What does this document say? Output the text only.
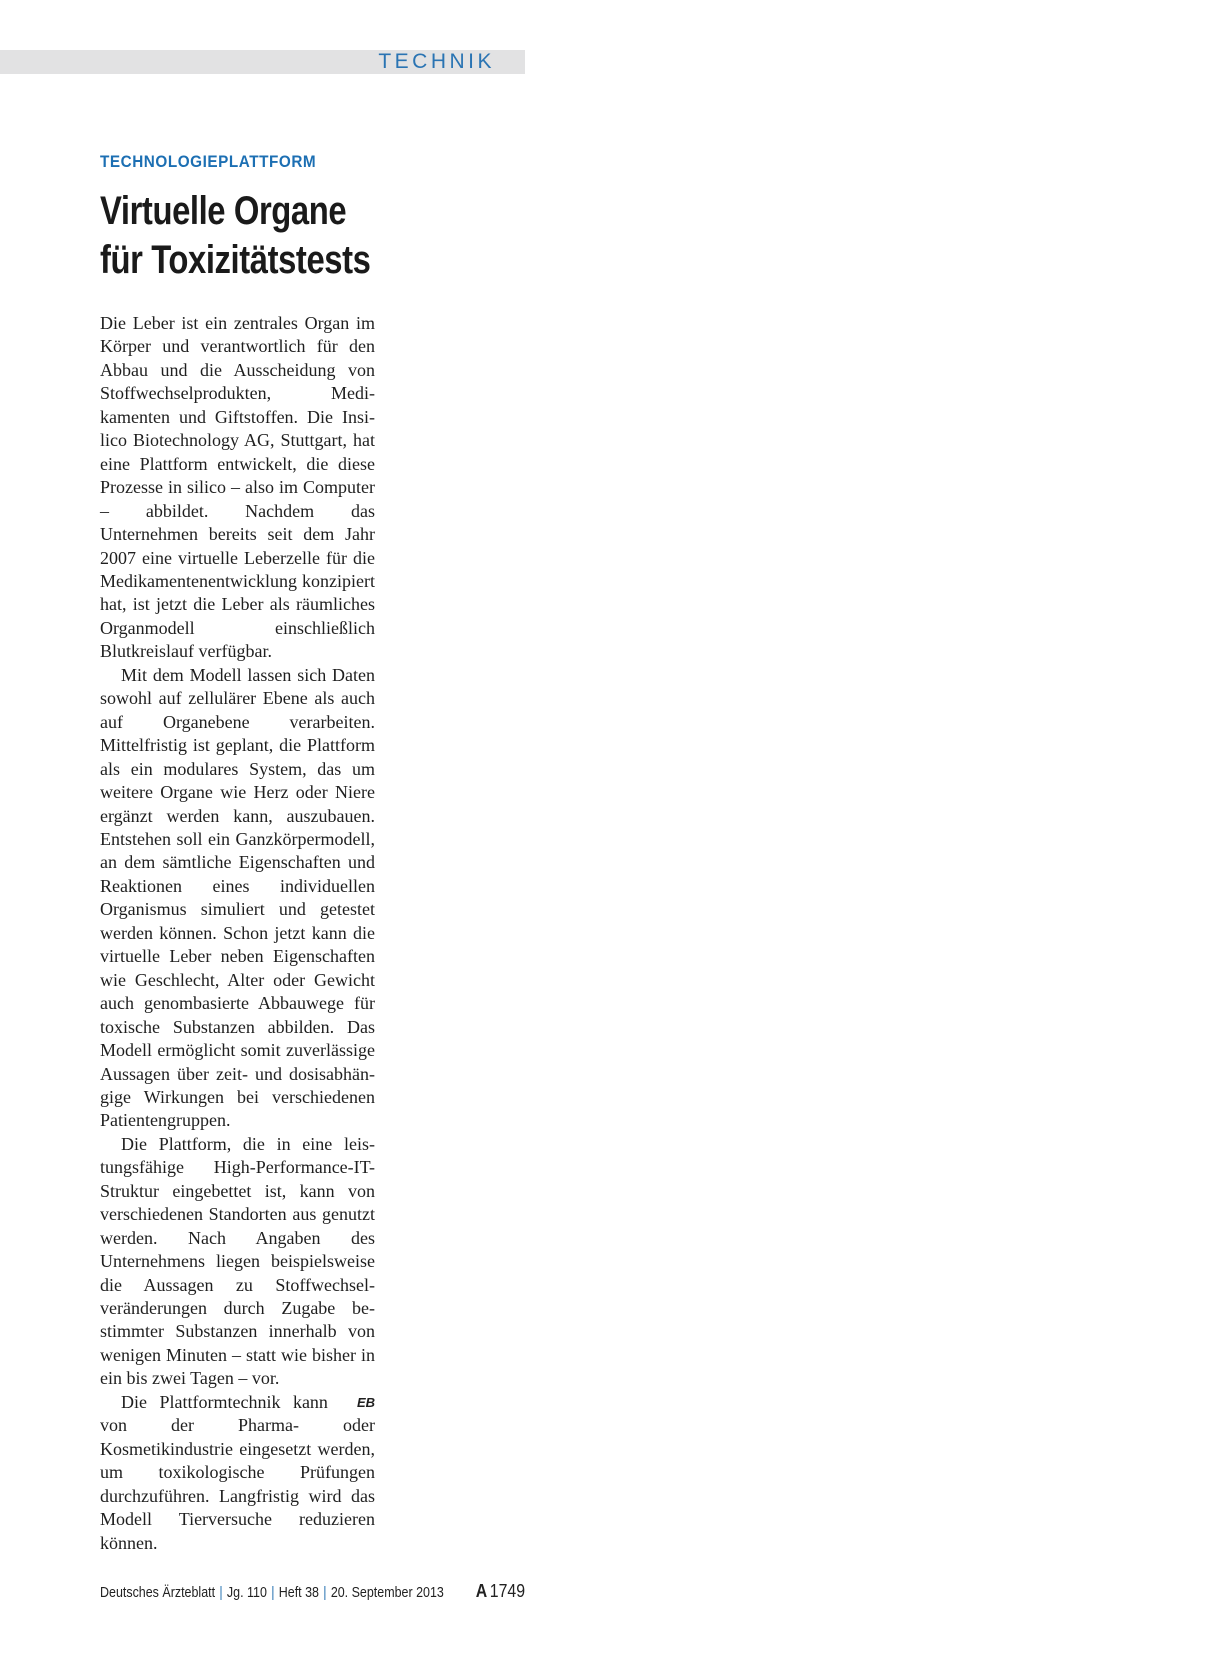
TECHNIK
TECHNOLOGIEPLATTFORM
Virtuelle Organe
für Toxizitätstests

Die Leber ist ein zentrales Organ im Körper und verantwortlich für den Abbau und die Ausscheidung von Stoffwechselprodukten, Medikamenten und Giftstoffen. Die Insilico Biotechnology AG, Stuttgart, hat eine Plattform entwickelt, die diese Prozesse in silico – also im Computer – abbildet. Nachdem das Unternehmen bereits seit dem Jahr 2007 eine virtuelle Leberzelle für die Medikamentenentwicklung konzipiert hat, ist jetzt die Leber als räumliches Organmodell einschließlich Blutkreislauf verfügbar.

Mit dem Modell lassen sich Daten sowohl auf zellulärer Ebene als auch auf Organebene verarbeiten. Mittelfristig ist geplant, die Plattform als ein modulares System, das um weitere Organe wie Herz oder Niere ergänzt werden kann, auszubauen. Entstehen soll ein Ganzkörpermodell, an dem sämtliche Eigenschaften und Reaktionen eines individuellen Organismus simuliert und getestet werden können. Schon jetzt kann die virtuelle Leber neben Eigenschaften wie Geschlecht, Alter oder Gewicht auch genombasierte Abbauwege für toxische Substanzen abbilden. Das Modell ermöglicht somit zuverlässige Aussagen über zeit- und dosisabhängige Wirkungen bei verschiedenen Patientengruppen.

Die Plattform, die in eine leistungsfähige High-Performance-IT-Struktur eingebettet ist, kann von verschiedenen Standorten aus genutzt werden. Nach Angaben des Unternehmens liegen beispielsweise die Aussagen zu Stoffwechselveränderungen durch Zugabe bestimmter Substanzen innerhalb von wenigen Minuten – statt wie bisher in ein bis zwei Tagen – vor.

EB
Die Plattformtechnik kann von der Pharma- oder Kosmetikindustrie eingesetzt werden, um toxikologische Prüfungen durchzuführen. Langfristig wird das Modell Tierversuche reduzieren können.

Deutsches Ärzteblatt | Jg. 110 | Heft 38 | 20. September 2013 A 1749
